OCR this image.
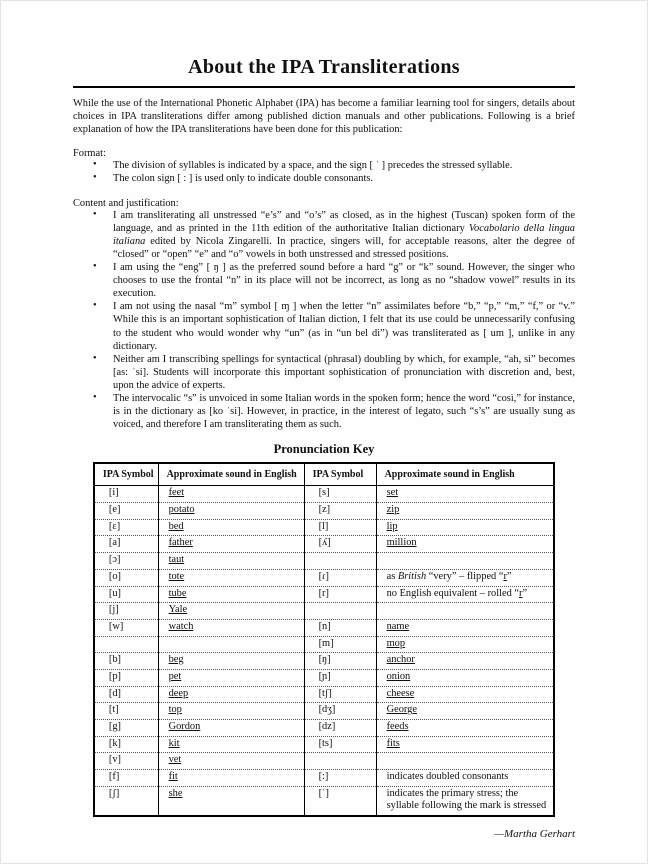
About the IPA Transliterations

While the use of the International Phonetic Alphabet (IPA) has become a familiar learning tool for singers, details about choices in IPA transliterations differ among published diction manuals and other publications. Following is a brief explanation of how the IPA transliterations have been done for this publication:

Format:

• The division of syllables is indicated by a space, and the sign [ ˈ ] precedes the stressed syllable.
• The colon sign [ : ] is used only to indicate double consonants.

Content and justification:

• I am transliterating all unstressed “e’s” and “o’s” as closed, as in the highest (Tuscan) spoken form of the language, and as printed in the 11th edition of the authoritative Italian dictionary Vocabolario della lingua italiana edited by Nicola Zingarelli. In practice, singers will, for acceptable reasons, alter the degree of “closed” or “open” “e” and “o” vowels in both unstressed and stressed positions.
• I am using the “eng” [ ŋ ] as the preferred sound before a hard “g” or “k” sound. However, the singer who chooses to use the frontal “n” in its place will not be incorrect, as long as no “shadow vowel” results in its execution.
• I am not using the nasal “m” symbol [ ɱ ] when the letter “n” assimilates before “b,” “p,” “m,” “f,” or “v.” While this is an important sophistication of Italian diction, I felt that its use could be unnecessarily confusing to the student who would wonder why “un” (as in “un bel dì”) was transliterated as [ um ], unlike in any dictionary.
• Neither am I transcribing spellings for syntactical (phrasal) doubling by which, for example, “ah, sì” becomes [as: ˈsi]. Students will incorporate this important sophistication of pronunciation with discretion and, best, upon the advice of experts.
• The intervocalic “s” is unvoiced in some Italian words in the spoken form; hence the word “così,” for instance, is in the dictionary as [ko ˈsi]. However, in practice, in the interest of legato, such “s’s” are usually sung as voiced, and therefore I am transliterating them as such.
Pronunciation Key
IPA Symbol	Approximate sound in English	IPA Symbol	Approximate sound in English
[i]	feet	[s]	set
[e]	potato	[z]	zip
[ɛ]	bed	[l]	lip
[a]	father	[ʎ]	million
[ɔ]	taut		
[o]	tote	[ɾ]	as British “very” – flipped “r”
[u]	tube	[r]	no English equivalent – rolled “r”
[j]	Yale		
[w]	watch	[n]	name
		[m]	mop
[b]	beg	[ŋ]	anchor
[p]	pet	[ɲ]	onion
[d]	deep	[tʃ]	cheese
[t]	top	[dʒ]	George
[g]	Gordon	[dz]	feeds
[k]	kit	[ts]	fits
[v]	vet		
[f]	fit	[:]	indicates doubled consonants
[ʃ]	she	[ˈ]	indicates the primary stress; the syllable following the mark is stressed
—Martha Gerhart
